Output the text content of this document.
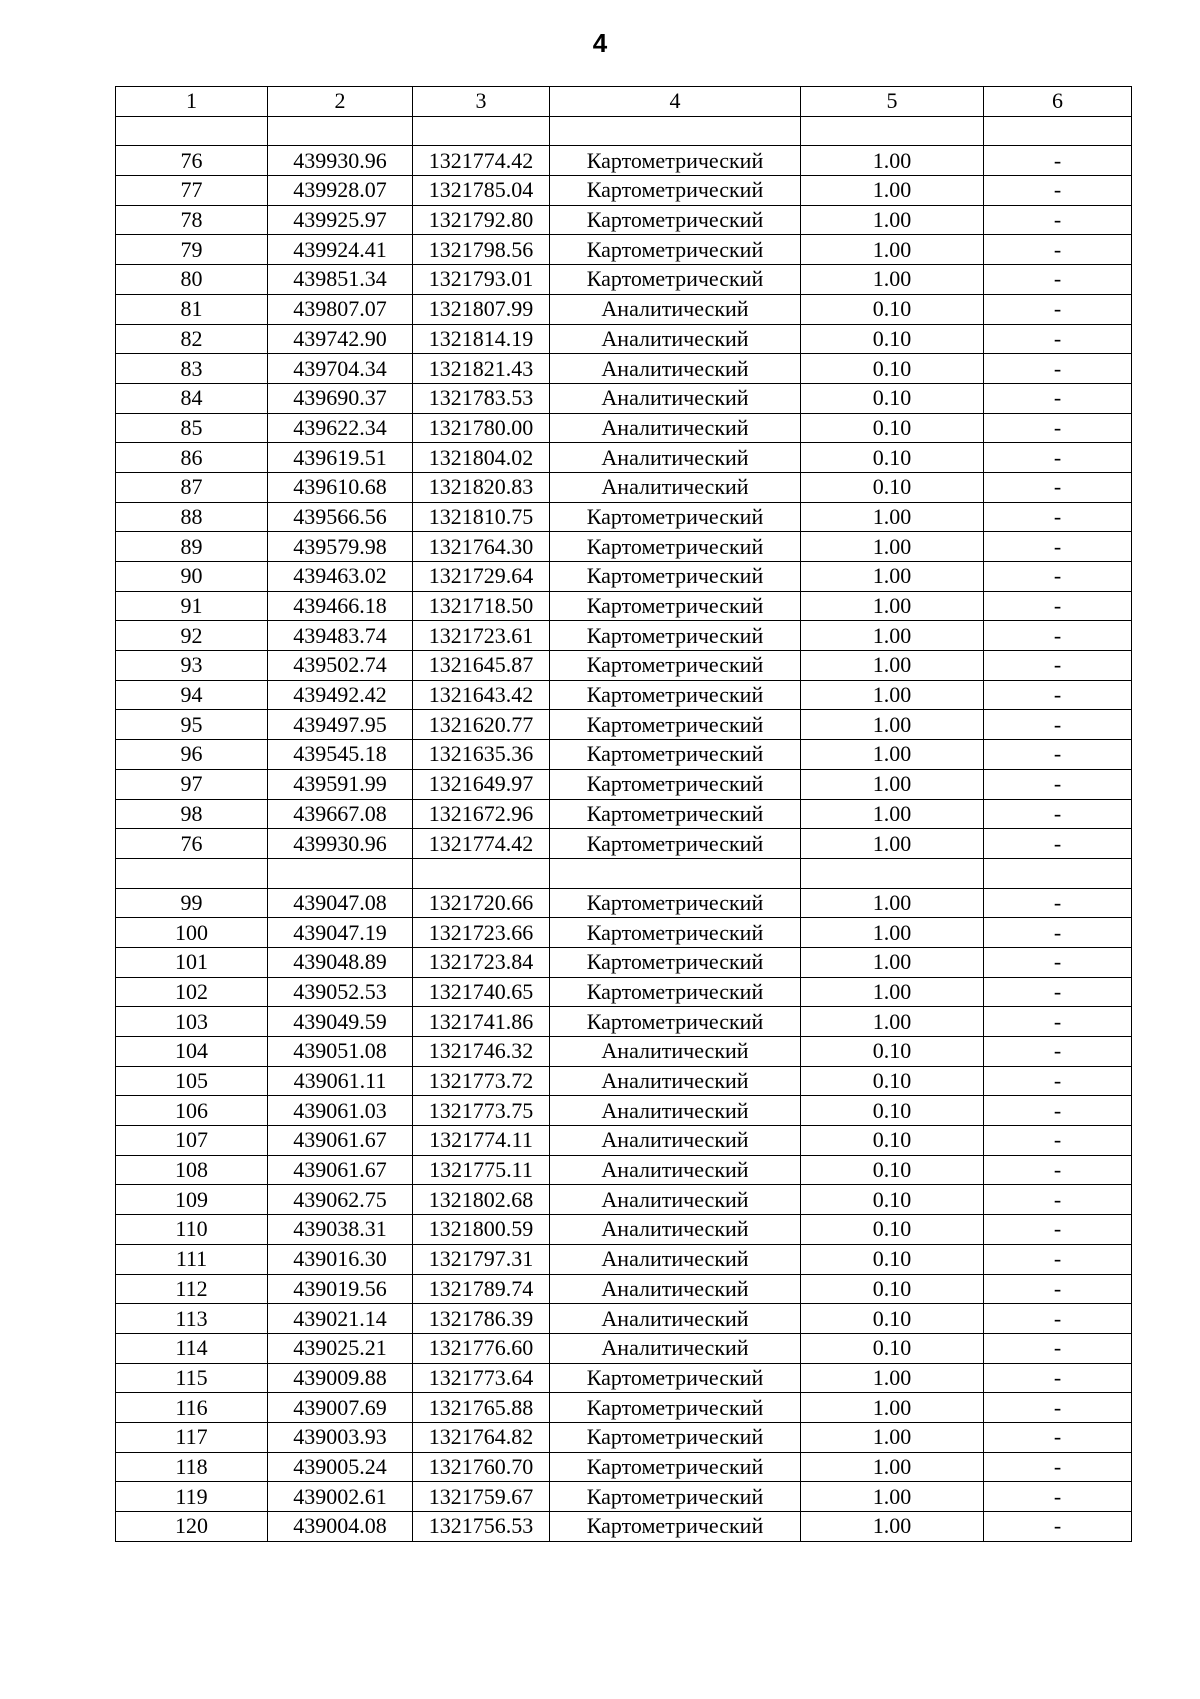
4
1	2	3	4	5	6

76	439930.96	1321774.42	Картометрический	1.00	-
77	439928.07	1321785.04	Картометрический	1.00	-
78	439925.97	1321792.80	Картометрический	1.00	-
79	439924.41	1321798.56	Картометрический	1.00	-
80	439851.34	1321793.01	Картометрический	1.00	-
81	439807.07	1321807.99	Аналитический	0.10	-
82	439742.90	1321814.19	Аналитический	0.10	-
83	439704.34	1321821.43	Аналитический	0.10	-
84	439690.37	1321783.53	Аналитический	0.10	-
85	439622.34	1321780.00	Аналитический	0.10	-
86	439619.51	1321804.02	Аналитический	0.10	-
87	439610.68	1321820.83	Аналитический	0.10	-
88	439566.56	1321810.75	Картометрический	1.00	-
89	439579.98	1321764.30	Картометрический	1.00	-
90	439463.02	1321729.64	Картометрический	1.00	-
91	439466.18	1321718.50	Картометрический	1.00	-
92	439483.74	1321723.61	Картометрический	1.00	-
93	439502.74	1321645.87	Картометрический	1.00	-
94	439492.42	1321643.42	Картометрический	1.00	-
95	439497.95	1321620.77	Картометрический	1.00	-
96	439545.18	1321635.36	Картометрический	1.00	-
97	439591.99	1321649.97	Картометрический	1.00	-
98	439667.08	1321672.96	Картометрический	1.00	-
76	439930.96	1321774.42	Картометрический	1.00	-

99	439047.08	1321720.66	Картометрический	1.00	-
100	439047.19	1321723.66	Картометрический	1.00	-
101	439048.89	1321723.84	Картометрический	1.00	-
102	439052.53	1321740.65	Картометрический	1.00	-
103	439049.59	1321741.86	Картометрический	1.00	-
104	439051.08	1321746.32	Аналитический	0.10	-
105	439061.11	1321773.72	Аналитический	0.10	-
106	439061.03	1321773.75	Аналитический	0.10	-
107	439061.67	1321774.11	Аналитический	0.10	-
108	439061.67	1321775.11	Аналитический	0.10	-
109	439062.75	1321802.68	Аналитический	0.10	-
110	439038.31	1321800.59	Аналитический	0.10	-
111	439016.30	1321797.31	Аналитический	0.10	-
112	439019.56	1321789.74	Аналитический	0.10	-
113	439021.14	1321786.39	Аналитический	0.10	-
114	439025.21	1321776.60	Аналитический	0.10	-
115	439009.88	1321773.64	Картометрический	1.00	-
116	439007.69	1321765.88	Картометрический	1.00	-
117	439003.93	1321764.82	Картометрический	1.00	-
118	439005.24	1321760.70	Картометрический	1.00	-
119	439002.61	1321759.67	Картометрический	1.00	-
120	439004.08	1321756.53	Картометрический	1.00	-
